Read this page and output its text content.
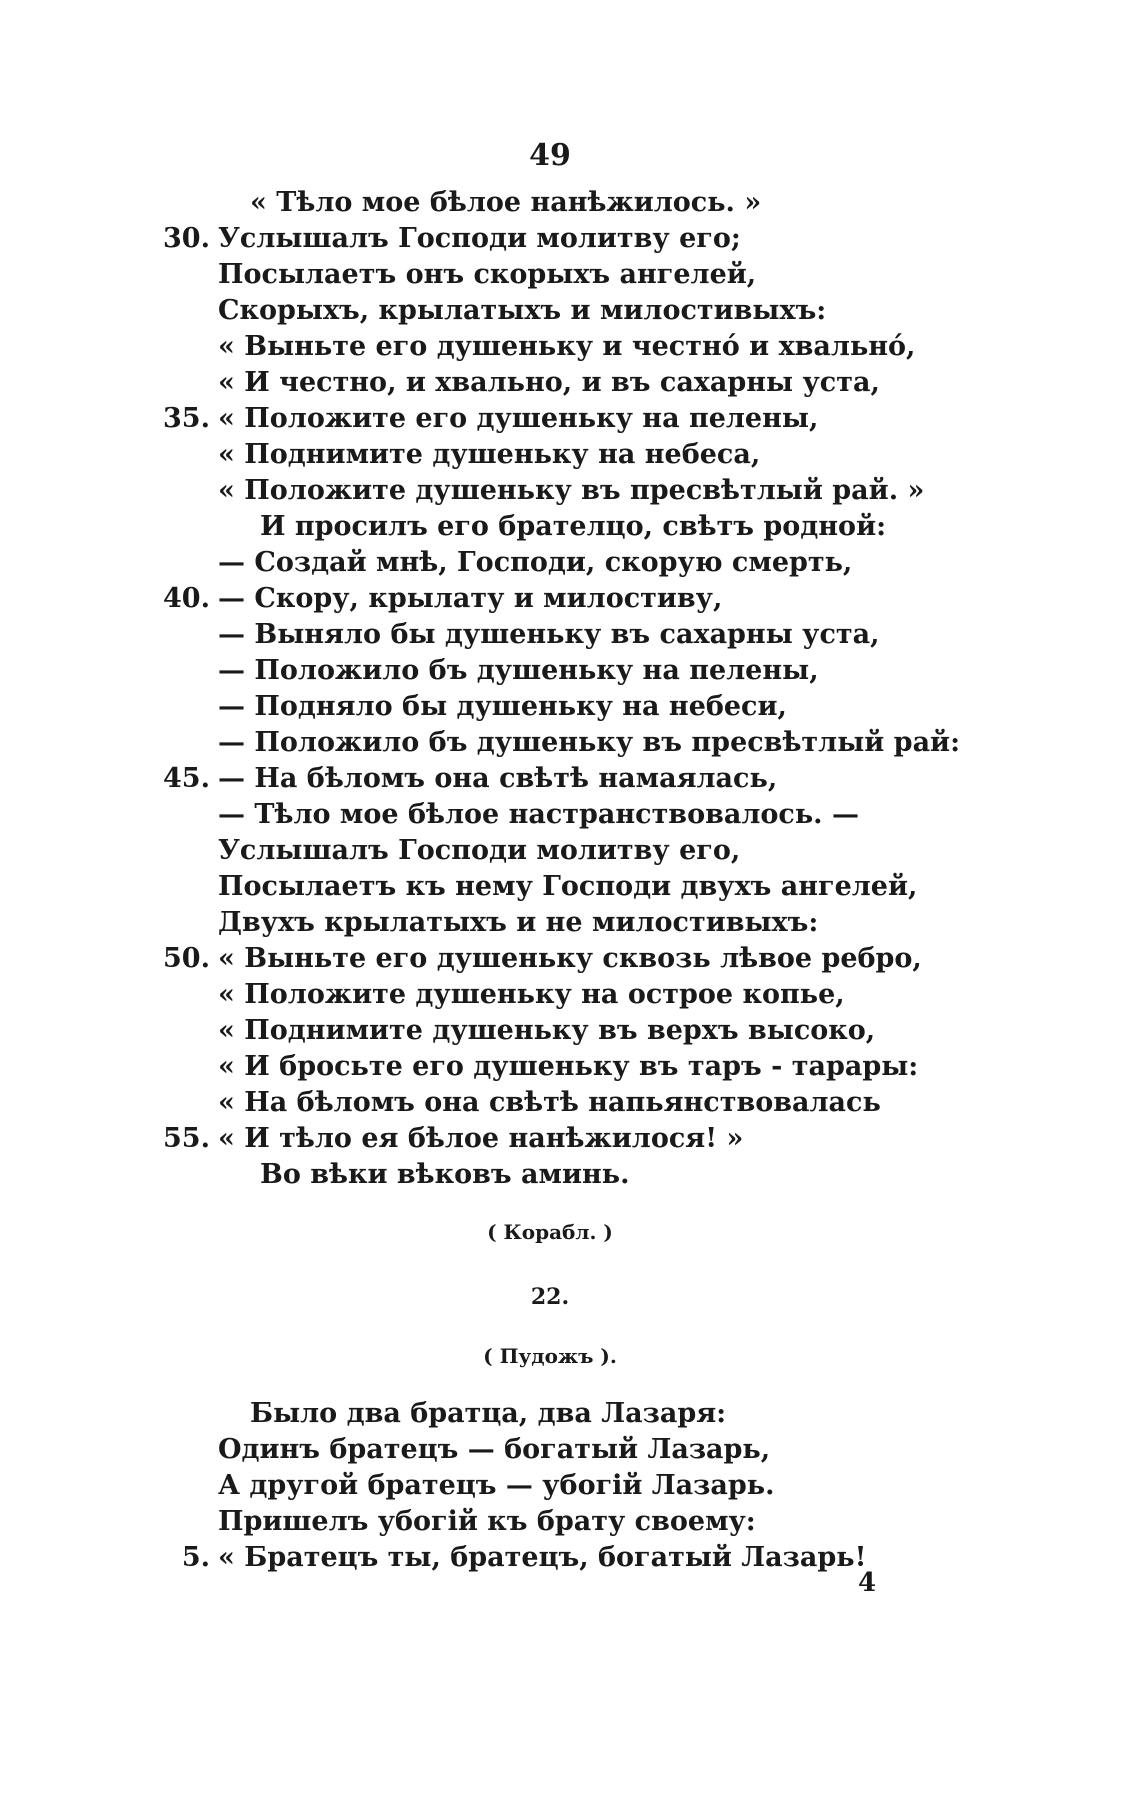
49
« Тѣло мое бѣлое нанѣжилось. »
30. Услышалъ Господи молитву его;
Посылаетъ онъ скорыхъ ангелей,
Скорыхъ, крылатыхъ и милостивыхъ:
« Выньте его душеньку и честнó и хвальнó,
« И честно, и хвально, и въ сахарны уста,
35. « Положите его душеньку на пелены,
« Поднимите душеньку на небеса,
« Положите душеньку въ пресвѣтлый рай. »
И просилъ его брателцо, свѣтъ родной:
— Создай мнѣ, Господи, скорую смерть,
40. — Скору, крылату и милостиву,
— Выняло бы душеньку въ сахарны уста,
— Положило бъ душеньку на пелены,
— Подняло бы душеньку на небеси,
— Положило бъ душеньку въ пресвѣтлый рай:
45. — На бѣломъ она свѣтѣ намаялась,
— Тѣло мое бѣлое настранствовалось. —
Услышалъ Господи молитву его,
Посылаетъ къ нему Господи двухъ ангелей,
Двухъ крылатыхъ и не милостивыхъ:
50. « Выньте его душеньку сквозь лѣвое ребро,
« Положите душеньку на острое копье,
« Поднимите душеньку въ верхъ высоко,
« И бросьте его душеньку въ таръ - тарары:
« На бѣломъ она свѣтѣ напьянствовалась
55. « И тѣло ея бѣлое нанѣжилося! »
Во вѣки вѣковъ аминь.
( Корабл. )
22.
( Пудожъ ).
Было два братца, два Лазаря:
Одинъ братецъ — богатый Лазарь,
А другой братецъ — убогій Лазарь.
Пришелъ убогій къ брату своему:
5. « Братецъ ты, братецъ, богатый Лазарь!
4
